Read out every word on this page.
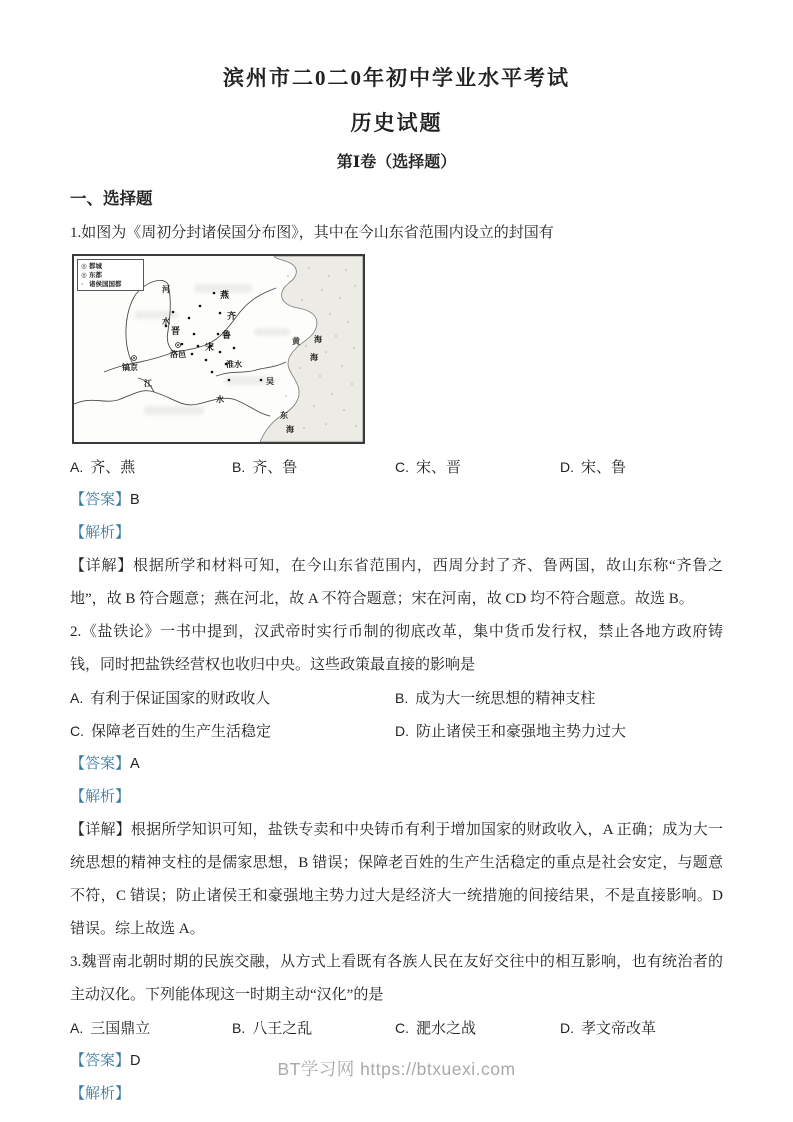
滨州市二0二0年初中学业水平考试
历史试题
第Ⅰ卷（选择题）
一、选择题

1.如图为《周初分封诸侯国分布图》，其中在今山东省范围内设立的封国有

◎ 都城
◎ 东都
· 诸侯国国都
燕
齐
鲁
晋
宋
吴
洛邑
镐京
河
水
淮水
江
水
黄 海
海
东
海
A. 齐、燕	B. 齐、鲁	C. 宋、晋	D. 宋、鲁

【答案】B

【解析】

【详解】根据所学和材料可知，在今山东省范围内，西周分封了齐、鲁两国，故山东称“齐鲁之地”，故 B 符合题意；燕在河北，故 A 不符合题意；宋在河南，故 CD 均不符合题意。故选 B。

2.《盐铁论》一书中提到，汉武帝时实行币制的彻底改革，集中货币发行权，禁止各地方政府铸钱，同时把盐铁经营权也收归中央。这些政策最直接的影响是

A. 有利于保证国家的财政收人	B. 成为大一统思想的精神支柱
C. 保障老百姓的生产生活稳定	D. 防止诸侯王和豪强地主势力过大

【答案】A

【解析】

【详解】根据所学知识可知，盐铁专卖和中央铸币有利于增加国家的财政收入，A 正确；成为大一统思想的精神支柱的是儒家思想，B 错误；保障老百姓的生产生活稳定的重点是社会安定，与题意不符，C 错误；防止诸侯王和豪强地主势力过大是经济大一统措施的间接结果，不是直接影响。D 错误。综上故选 A。

3.魏晋南北朝时期的民族交融，从方式上看既有各族人民在友好交往中的相互影响，也有统治者的主动汉化。下列能体现这一时期主动“汉化”的是

A. 三国鼎立	B. 八王之乱	C. 淝水之战	D. 孝文帝改革

【答案】D

【解析】

BT学习网 https://btxuexi.com
